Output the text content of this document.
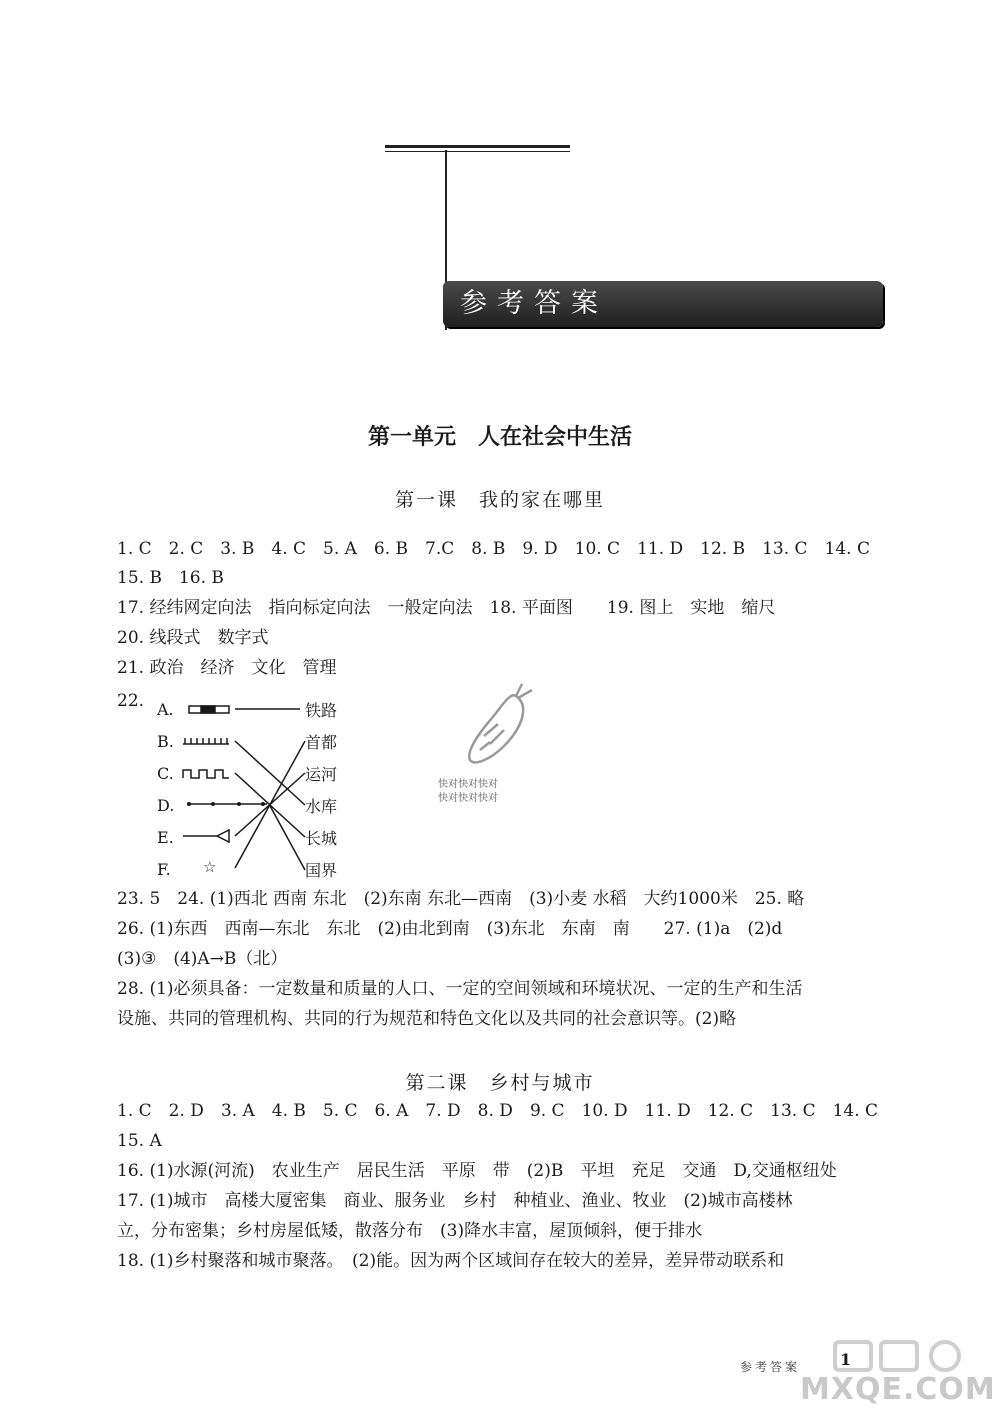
参考答案
第一单元　人在社会中生活
第一课　我的家在哪里
1. C　2. C　3. B　4. C　5. A　6. B　7.C　8. B　9. D　10. C　11. D　12. B　13. C　14. C
15. B　16. B
17. 经纬网定向法　指向标定向法　一般定向法　18. 平面图　　19. 图上　实地　缩尺
20. 线段式　数字式
21. 政治　经济　文化　管理
22. A.
B.
C.
D.
E.
F.
铁路
首都
运河
水库
长城
国界
☆
快对快对快对
快对快对快对
23. 5　24. (1)西北 西南 东北　(2)东南 东北—西南　(3)小麦 水稻　大约1000米　25. 略
26. (1)东西　西南—东北　东北　(2)由北到南　(3)东北　东南　南　　27. (1)a　(2)d
(3)③　(4)A→B（北）
28. (1)必须具备：一定数量和质量的人口、一定的空间领域和环境状况、一定的生产和生活
设施、共同的管理机构、共同的行为规范和特色文化以及共同的社会意识等。(2)略
第二课　乡村与城市
1. C　2. D　3. A　4. B　5. C　6. A　7. D　8. D　9. C　10. D　11. D　12. C　13. C　14. C
15. A
16. (1)水源(河流)　农业生产　居民生活　平原　带　(2)B　平坦　充足　交通　D,交通枢纽处
17. (1)城市　高楼大厦密集　商业、服务业　乡村　种植业、渔业、牧业　(2)城市高楼林
立，分布密集；乡村房屋低矮，散落分布　(3)降水丰富，屋顶倾斜，便于排水
18. (1)乡村聚落和城市聚落。　(2)能。因为两个区域间存在较大的差异，差异带动联系和
参考答案 1
MXQE.COM
